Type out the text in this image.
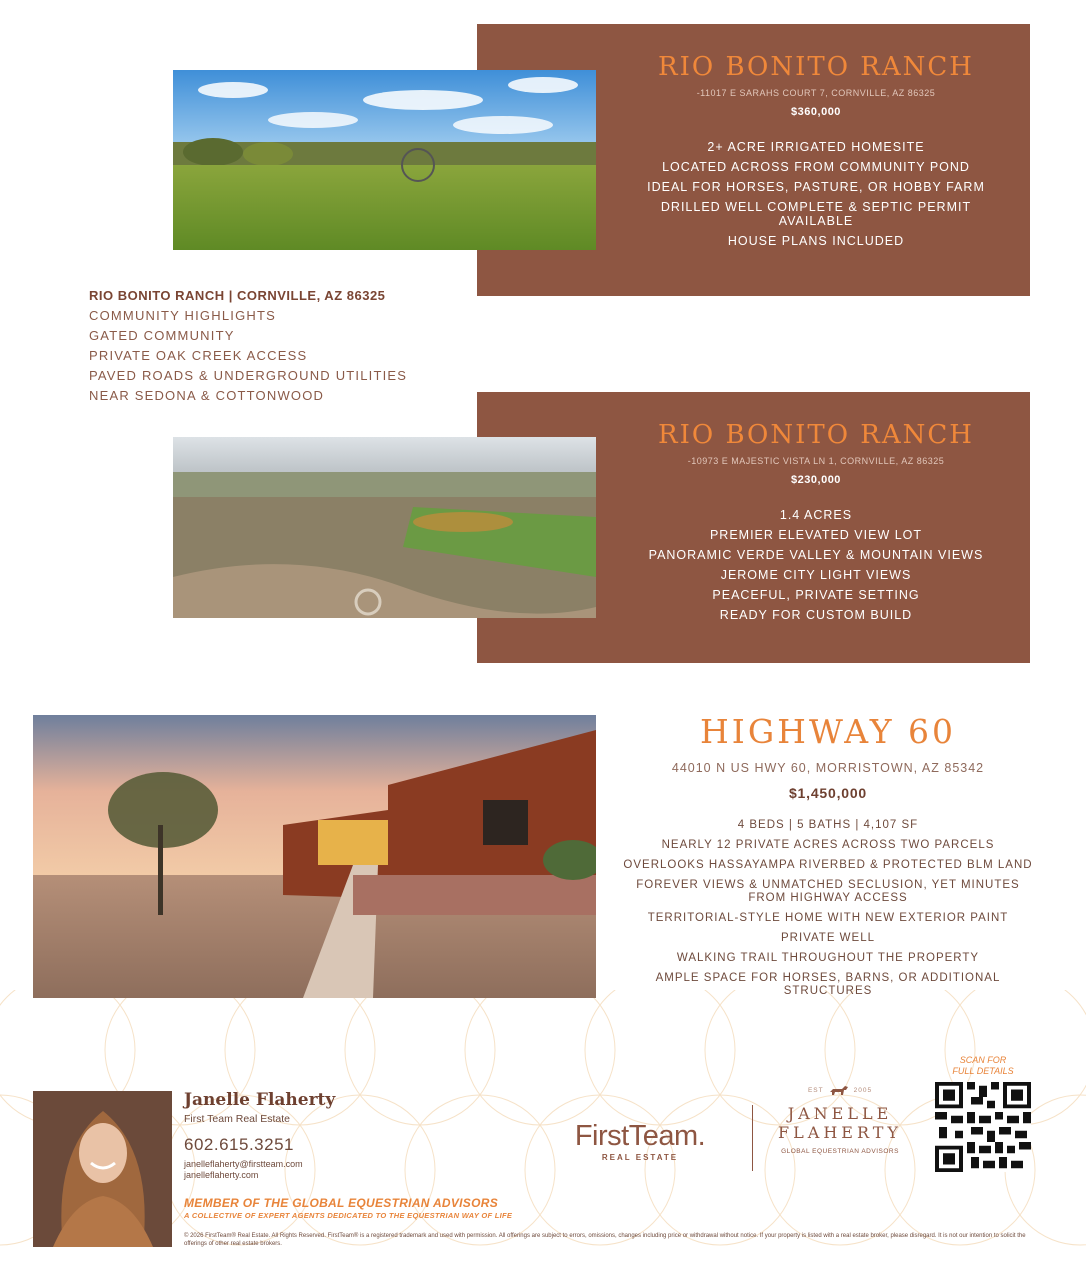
RIO BONITO RANCH
-11017 E SARAHS COURT 7, CORNVILLE, AZ 86325
$360,000
2+ ACRE IRRIGATED HOMESITE
LOCATED ACROSS FROM COMMUNITY POND
IDEAL FOR HORSES, PASTURE, OR HOBBY FARM
DRILLED WELL COMPLETE & SEPTIC PERMIT AVAILABLE
HOUSE PLANS INCLUDED
RIO BONITO RANCH | CORNVILLE, AZ 86325
COMMUNITY HIGHLIGHTS
GATED COMMUNITY
PRIVATE OAK CREEK ACCESS
PAVED ROADS & UNDERGROUND UTILITIES
NEAR SEDONA & COTTONWOOD
RIO BONITO RANCH
-10973 E MAJESTIC VISTA LN 1, CORNVILLE, AZ 86325
$230,000
1.4 ACRES
PREMIER ELEVATED VIEW LOT
PANORAMIC VERDE VALLEY & MOUNTAIN VIEWS
JEROME CITY LIGHT VIEWS
PEACEFUL, PRIVATE SETTING
READY FOR CUSTOM BUILD
HIGHWAY 60
44010 N US HWY 60, MORRISTOWN, AZ 85342
$1,450,000
4 BEDS | 5 BATHS | 4,107 SF
NEARLY 12 PRIVATE ACRES ACROSS TWO PARCELS
OVERLOOKS HASSAYAMPA RIVERBED & PROTECTED BLM LAND
FOREVER VIEWS & UNMATCHED SECLUSION, YET MINUTES FROM HIGHWAY ACCESS
TERRITORIAL-STYLE HOME WITH NEW EXTERIOR PAINT
PRIVATE WELL
WALKING TRAIL THROUGHOUT THE PROPERTY
AMPLE SPACE FOR HORSES, BARNS, OR ADDITIONAL STRUCTURES
Janelle Flaherty
First Team Real Estate
602.615.3251
janelleflaherty@firstteam.com
janelleflaherty.com
MEMBER OF THE GLOBAL EQUESTRIAN ADVISORS
A COLLECTIVE OF EXPERT AGENTS DEDICATED TO THE EQUESTRIAN WAY OF LIFE
© 2026 FirstTeam® Real Estate. All Rights Reserved. FirstTeam® is a registered trademark and used with permission. All offerings are subject to errors, omissions, changes including price or withdrawal without notice. If your property is listed with a real estate broker, please disregard. It is not our intention to solicit the offerings of other real estate brokers.
FirstTeam.
REAL ESTATE
EST	2005
JANELLE
FLAHERTY
GLOBAL EQUESTRIAN ADVISORS
SCAN FOR
FULL DETAILS
